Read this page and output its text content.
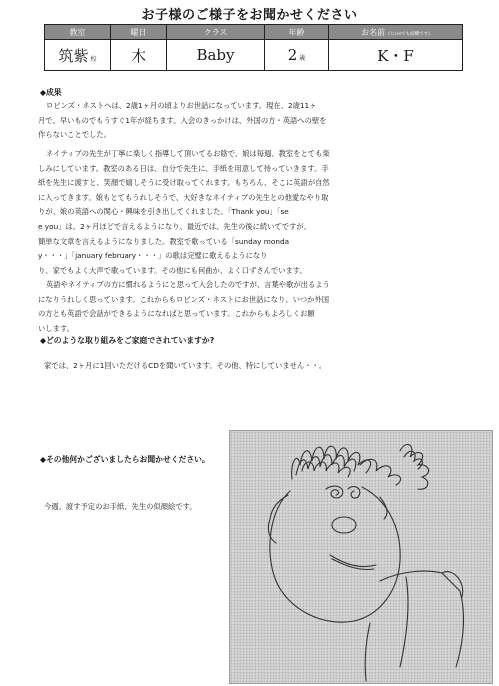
お子様のご様子をお聞かせください
教室	曜日	クラス	年齢	お名前 (ｲﾆｼｬﾙでも結構です)
筑紫 校	木	Baby	2 歳	K・F
◆成果

ロビンズ・ネストへは、2歳1ヶ月の頃よりお世話になっています。現在、2歳11ヶ
月で、早いものでもうすぐ1年が経ちます。入会のきっかけは、外国の方・英語への壁を
作らないことでした。

ネイティブの先生が丁寧に楽しく指導して頂いてるお陰で、娘は毎週、教室をとても楽
しみにしています。教室のある日は、自分で先生に、手紙を用意して待っていきます。手
紙を先生に渡すと、笑顔で嬉しそうに受け取ってくれます。もちろん、そこに英語が自然
に入ってきます。娘もとてもうれしそうで、大好きなネイティブの先生との他愛なやり取
りが、娘の英語への関心・興味を引き出してくれました。「Thank you」「se
e you」は、2ヶ月ほどで言えるようになり、最近では、先生の後に続いてですが、
簡単な文章を言えるようになりました。教室で歌っている「sunday monda
y・・・」「january february・・・」の歌は完璧に歌えるようになり
り、家でもよく大声で歌っています。その他にも何曲か、よく口ずさんでいます。

英語やネイティブの方に慣れるようにと思って入会したのですが、言葉や歌が出るよう
になりうれしく思っています。これからもロビンズ・ネストにお世話になり、いつか外国
の方とも英語で会話ができるようになればと思っています。これからもよろしくお願
いします。

◆どのような取り組みをご家庭でされていますか?
家では、2ヶ月に1回いただけるCDを聞いています。その他、特にしていません・・。
◆その他何かございましたらお聞かせください。
今週、渡す予定のお手紙、先生の似顔絵です。
